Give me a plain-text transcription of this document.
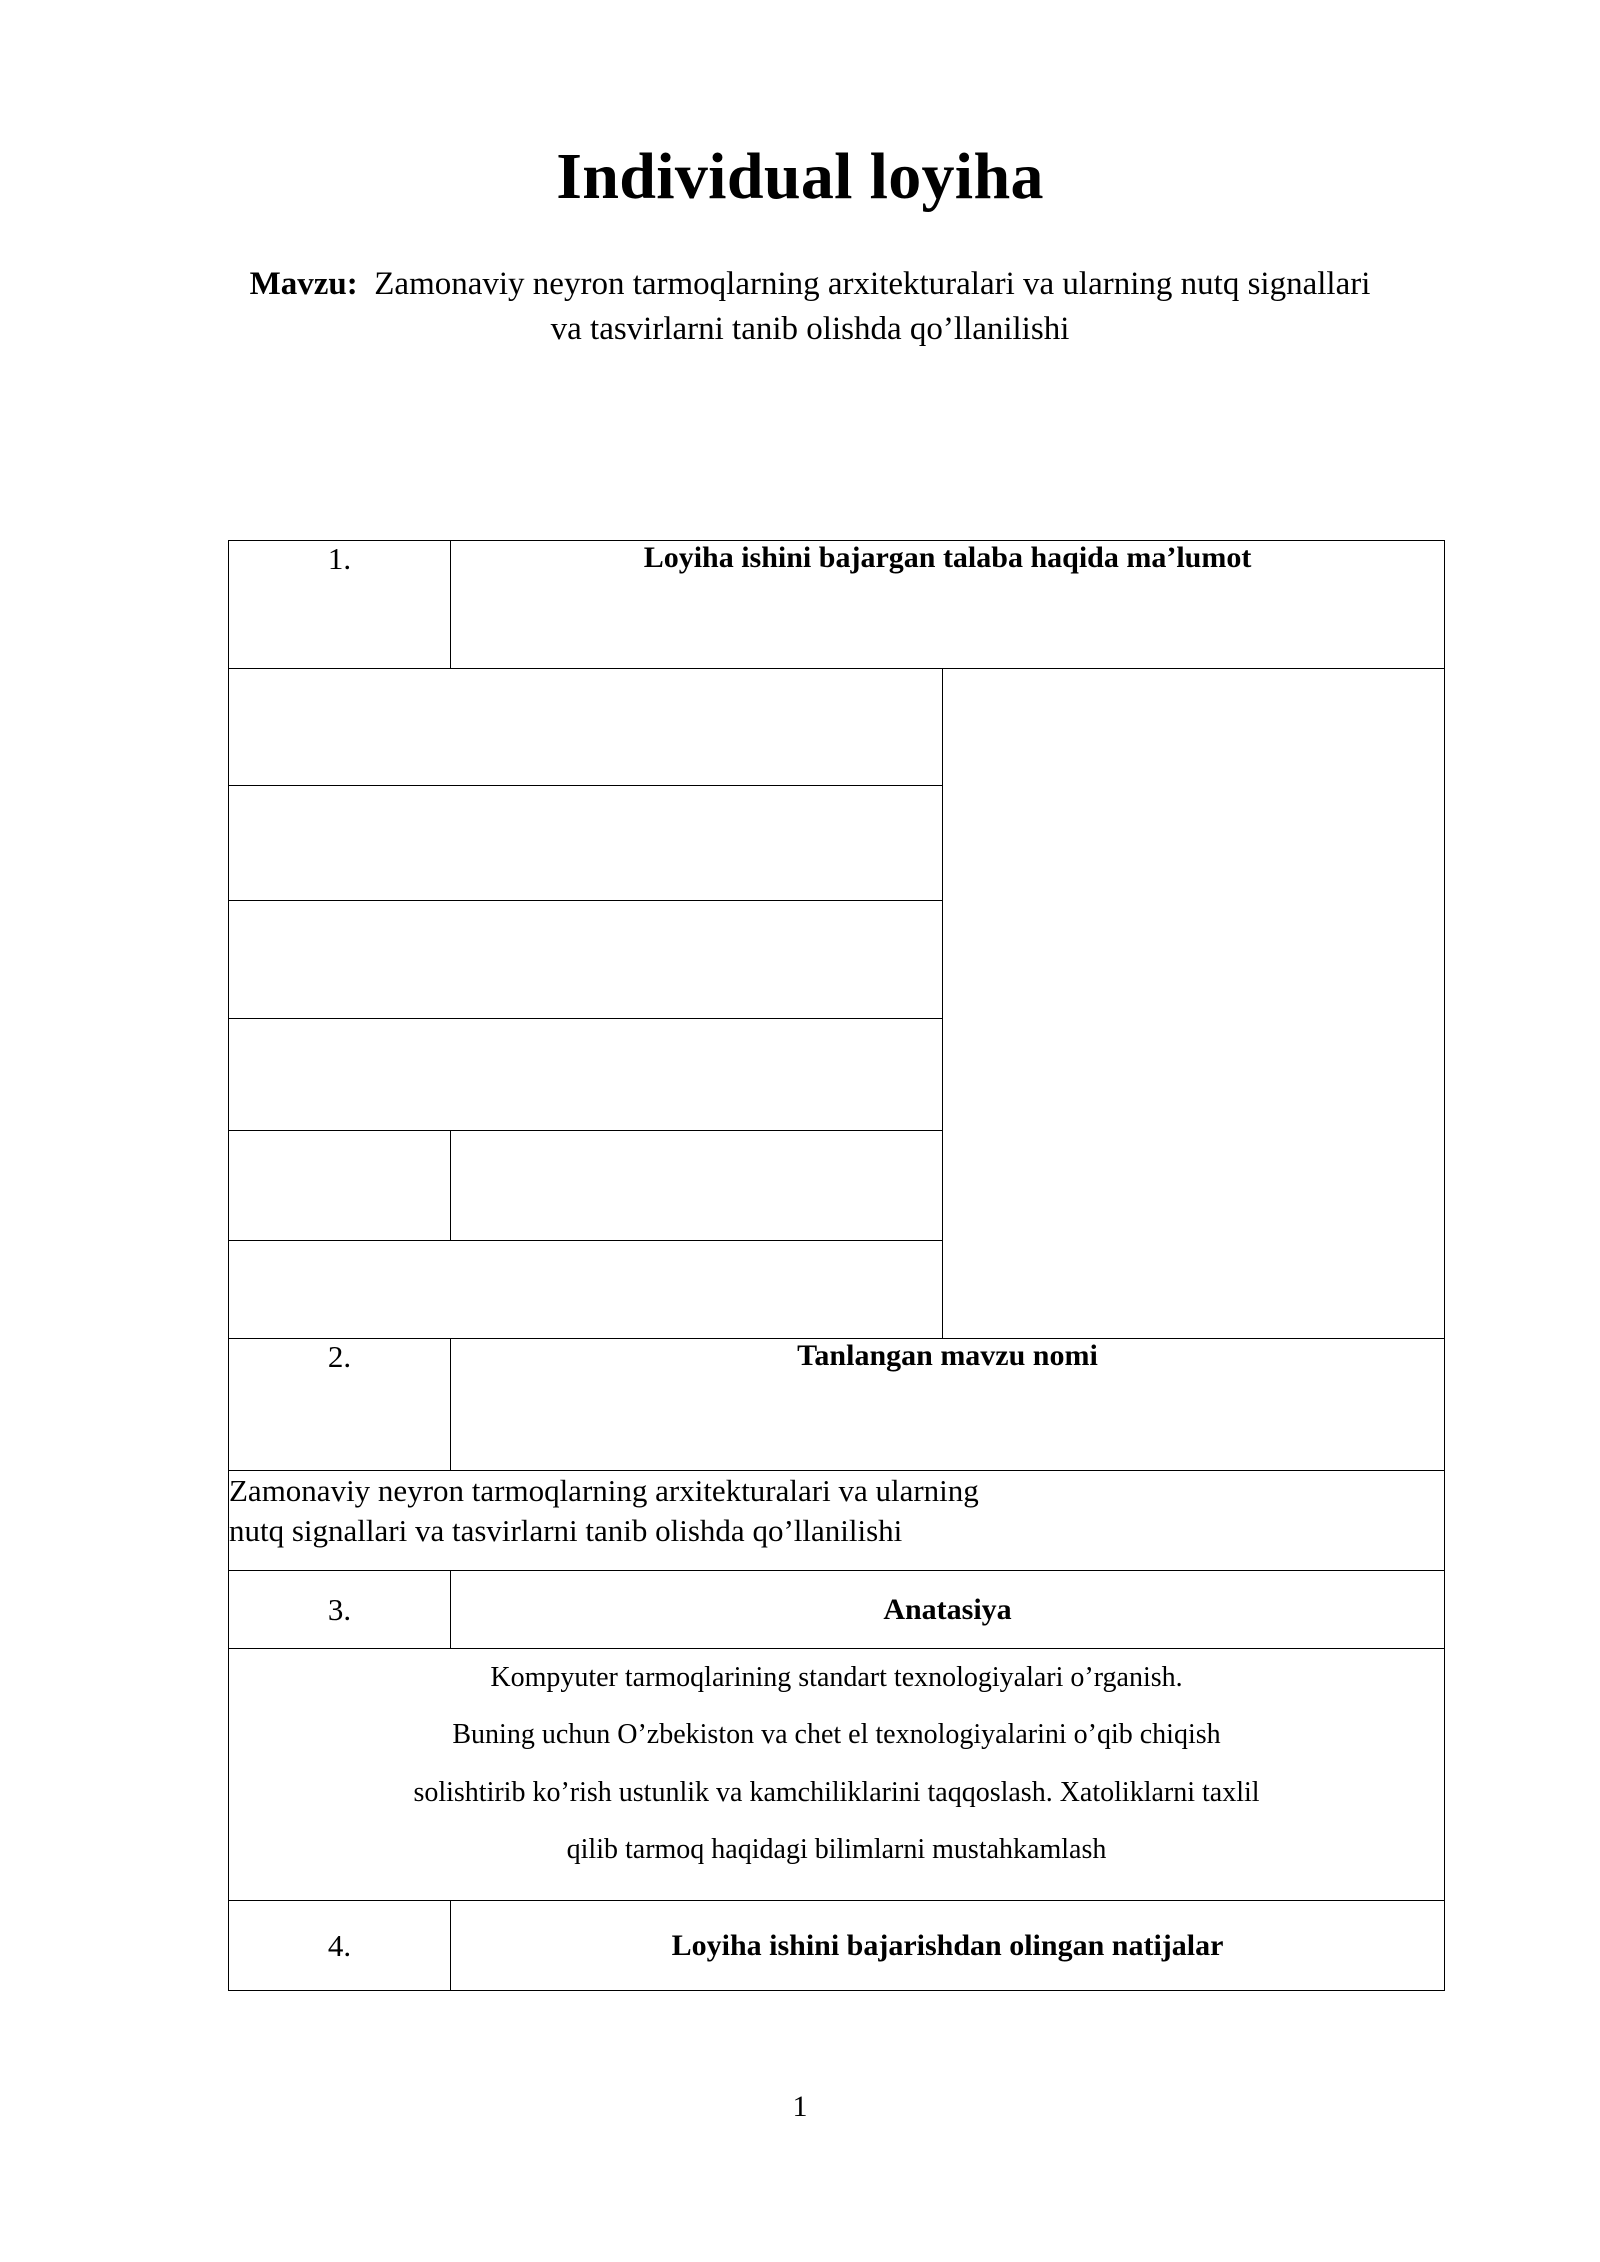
Individual loyiha

Mavzu: Zamonaviy neyron tarmoqlarning arxitekturalari va ularning nutq signallari va tasvirlarni tanib olishda qo’llanilishi

1.	Loyiha ishini bajargan talaba haqida ma’lumot	

2.	Tanlangan mavzu nomi	

Zamonaviy neyron tarmoqlarning arxitekturalari va ularning
nutq signallari va tasvirlarni tanib olishda qo’llanilishi		

3.	Anatasiya	

Kompyuter tarmoqlarining standart texnologiyalari o’rganish.
Buning uchun O’zbekiston va chet el texnologiyalarini o’qib chiqish
solishtirib ko’rish ustunlik va kamchiliklarini taqqoslash. Xatoliklarni taxlil
qilib tarmoq haqidagi bilimlarni mustahkamlash		

4.	Loyiha ishini bajarishdan olingan natijalar	
1
